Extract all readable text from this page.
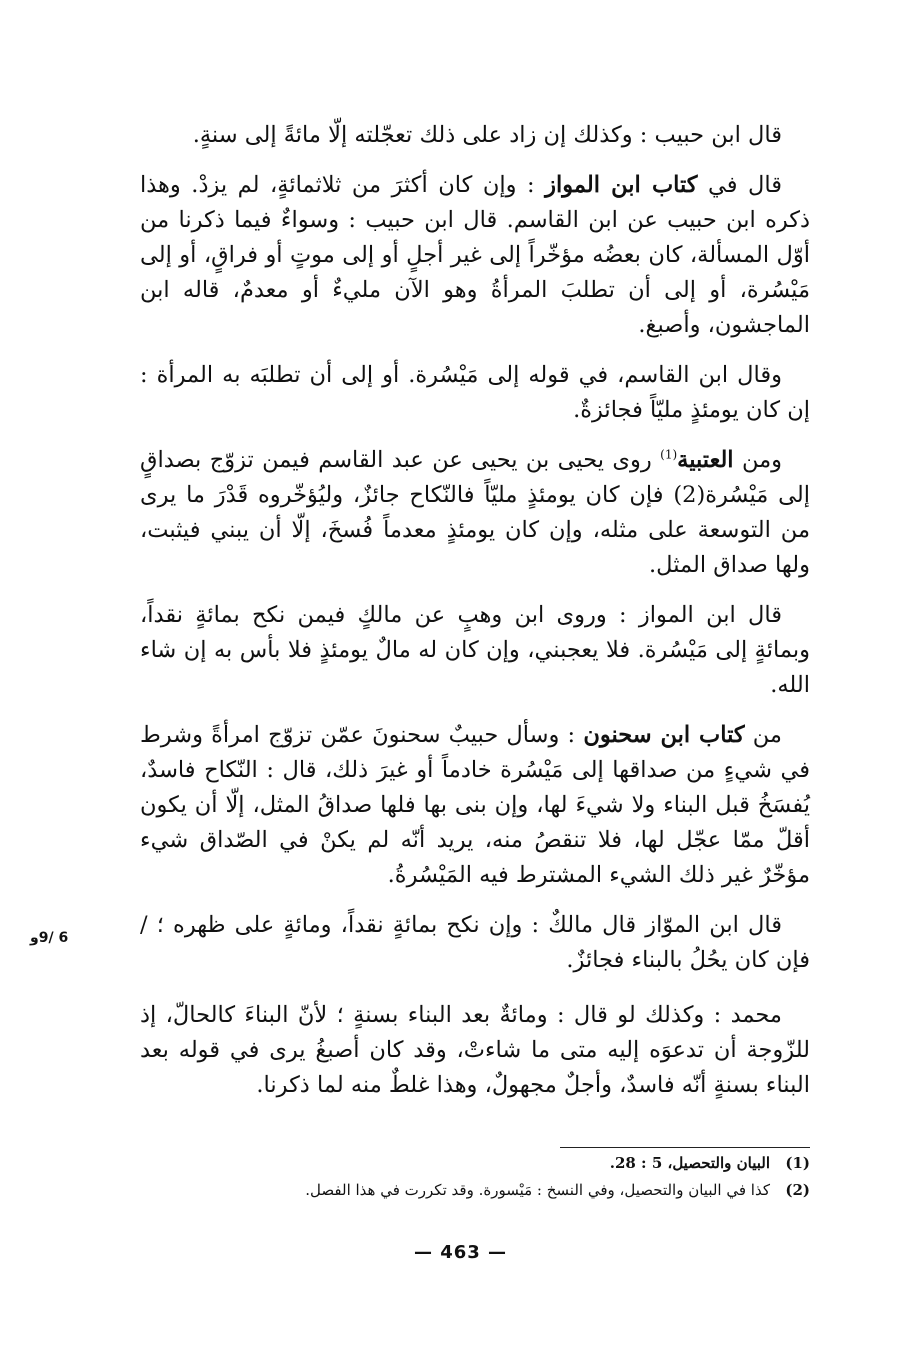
قال ابن حبيب : وكذلك إن زاد على ذلك تعجّلته إلّا مائةً إلى سنةٍ.

قال في كتاب ابن المواز : وإن كان أكثرَ من ثلاثمائةٍ، لم يزدْ. وهذا ذكره ابن حبيب عن ابن القاسم. قال ابن حبيب : وسواءٌ فيما ذكرنا من أوّل المسألة، كان بعضُه مؤخّراً إلى غير أجلٍ أو إلى موتٍ أو فراقٍ، أو إلى مَيْسُرة، أو إلى أن تطلبَ المرأةُ وهو الآن مليءٌ أو معدمٌ، قاله ابن الماجشون، وأصبغ.

وقال ابن القاسم، في قوله إلى مَيْسُرة. أو إلى أن تطلبَه به المرأة : إن كان يومئذٍ مليّاً فجائزةٌ.

ومن العتبية$^{(1)}$ روى يحيى بن يحيى عن عبد القاسم فيمن تزوّج بصداقٍ إلى مَيْسُرة(2) فإن كان يومئذٍ مليّاً فالنّكاح جائزٌ، وليُؤخّروه قَدْرَ ما يرى من التوسعة على مثله، وإن كان يومئذٍ معدماً فُسخَ، إلّا أن يبني فيثبت، ولها صداق المثل.

قال ابن المواز : وروى ابن وهبٍ عن مالكٍ فيمن نكح بمائةٍ نقداً، وبمائةٍ إلى مَيْسُرة. فلا يعجبني، وإن كان له مالٌ يومئذٍ فلا بأس به إن شاء الله.

من كتاب ابن سحنون : وسأل حبيبٌ سحنونَ عمّن تزوّج امرأةً وشرط في شيءٍ من صداقها إلى مَيْسُرة خادماً أو غيرَ ذلك، قال : النّكاح فاسدٌ، يُفسَخُ قبل البناء ولا شيءَ لها، وإن بنى بها فلها صداقُ المثل، إلّا أن يكون أقلّ ممّا عجّل لها، فلا تنقصُ منه، يريد أنّه لم يكنْ في الصّداق شيء مؤخّرٌ غير ذلك الشيء المشترط فيه المَيْسُرةُ.

قال ابن الموّاز قال مالكٌ : وإن نكح بمائةٍ نقداً، ومائةٍ على ظهره ؛ / فإن كان يحُلُ بالبناء فجائزٌ.

محمد : وكذلك لو قال : ومائةٌ بعد البناء بسنةٍ ؛ لأنّ البناءَ كالحالّ، إذ للزّوجة أن تدعوَه إليه متى ما شاءتْ، وقد كان أصبغُ يرى في قوله بعد البناء بسنةٍ أنّه فاسدٌ، وأجلٌ مجهولٌ، وهذا غلطٌ منه لما ذكرنا.

6 /9و

(1)البيان والتحصيل، 5 : 28.

(2)كذا في البيان والتحصيل، وفي النسخ : مَيْسورة. وقد تكررت في هذا الفصل.

— 463 —
